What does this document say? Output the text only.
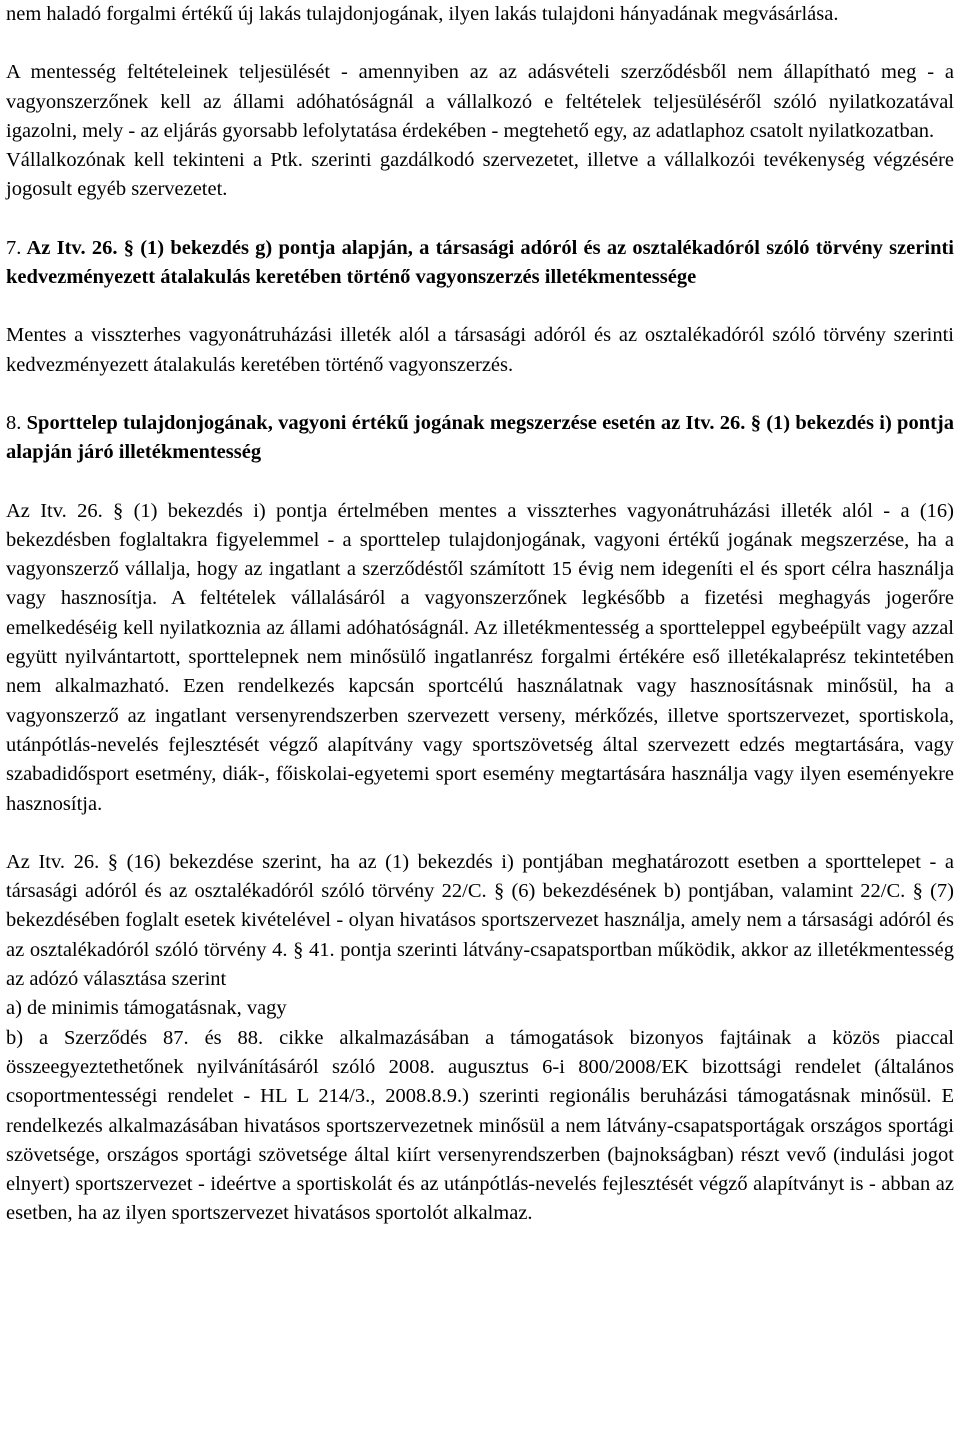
nem haladó forgalmi értékű új lakás tulajdonjogának, ilyen lakás tulajdoni hányadának megvásárlása.

A mentesség feltételeinek teljesülését - amennyiben az az adásvételi szerződésből nem állapítható meg - a vagyonszerzőnek kell az állami adóhatóságnál a vállalkozó e feltételek teljesüléséről szóló nyilatkozatával igazolni, mely - az eljárás gyorsabb lefolytatása érdekében - megtehető egy, az adatlaphoz csatolt nyilatkozatban.

Vállalkozónak kell tekinteni a Ptk. szerinti gazdálkodó szervezetet, illetve a vállalkozói tevékenység végzésére jogosult egyéb szervezetet.

7. Az Itv. 26. § (1) bekezdés g) pontja alapján, a társasági adóról és az osztalékadóról szóló törvény szerinti kedvezményezett átalakulás keretében történő vagyonszerzés illetékmentessége

Mentes a visszterhes vagyonátruházási illeték alól a társasági adóról és az osztalékadóról szóló törvény szerinti kedvezményezett átalakulás keretében történő vagyonszerzés.

8. Sporttelep tulajdonjogának, vagyoni értékű jogának megszerzése esetén az Itv. 26. § (1) bekezdés i) pontja alapján járó illetékmentesség

Az Itv. 26. § (1) bekezdés i) pontja értelmében mentes a visszterhes vagyonátruházási illeték alól - a (16) bekezdésben foglaltakra figyelemmel - a sporttelep tulajdonjogának, vagyoni értékű jogának megszerzése, ha a vagyonszerző vállalja, hogy az ingatlant a szerződéstől számított 15 évig nem idegeníti el és sport célra használja vagy hasznosítja. A feltételek vállalásáról a vagyonszerzőnek legkésőbb a fizetési meghagyás jogerőre emelkedéséig kell nyilatkoznia az állami adóhatóságnál. Az illetékmentesség a sportteleppel egybeépült vagy azzal együtt nyilvántartott, sporttelepnek nem minősülő ingatlanrész forgalmi értékére eső illetékalaprész tekintetében nem alkalmazható. Ezen rendelkezés kapcsán sportcélú használatnak vagy hasznosításnak minősül, ha a vagyonszerző az ingatlant versenyrendszerben szervezett verseny, mérkőzés, illetve sportszervezet, sportiskola, utánpótlás-nevelés fejlesztését végző alapítvány vagy sportszövetség által szervezett edzés megtartására, vagy szabadidősport esetmény, diák-, főiskolai-egyetemi sport esemény megtartására használja vagy ilyen eseményekre hasznosítja.

Az Itv. 26. § (16) bekezdése szerint, ha az (1) bekezdés i) pontjában meghatározott esetben a sporttelepet - a társasági adóról és az osztalékadóról szóló törvény 22/C. § (6) bekezdésének b) pontjában, valamint 22/C. § (7) bekezdésében foglalt esetek kivételével - olyan hivatásos sportszervezet használja, amely nem a társasági adóról és az osztalékadóról szóló törvény 4. § 41. pontja szerinti látvány-csapatsportban működik, akkor az illetékmentesség az adózó választása szerint

a) de minimis támogatásnak, vagy

b) a Szerződés 87. és 88. cikke alkalmazásában a támogatások bizonyos fajtáinak a közös piaccal összeegyeztethetőnek nyilvánításáról szóló 2008. augusztus 6-i 800/2008/EK bizottsági rendelet (általános csoportmentességi rendelet - HL L 214/3., 2008.8.9.) szerinti regionális beruházási támogatásnak minősül. E rendelkezés alkalmazásában hivatásos sportszervezetnek minősül a nem látvány-csapatsportágak országos sportági szövetsége, országos sportági szövetsége által kiírt versenyrendszerben (bajnokságban) részt vevő (indulási jogot elnyert) sportszervezet - ideértve a sportiskolát és az utánpótlás-nevelés fejlesztését végző alapítványt is - abban az esetben, ha az ilyen sportszervezet hivatásos sportolót alkalmaz.
